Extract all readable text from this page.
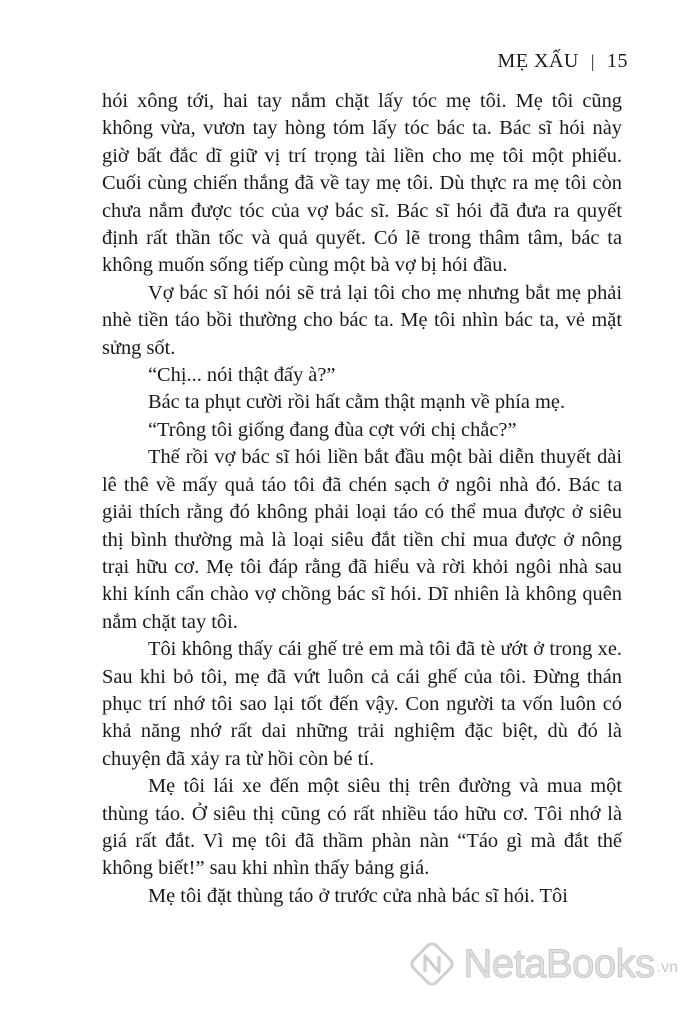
MẸ XẤU | 15

hói xông tới, hai tay nắm chặt lấy tóc mẹ tôi. Mẹ tôi cũng không vừa, vươn tay hòng tóm lấy tóc bác ta. Bác sĩ hói này giờ bất đắc dĩ giữ vị trí trọng tài liền cho mẹ tôi một phiếu. Cuối cùng chiến thắng đã về tay mẹ tôi. Dù thực ra mẹ tôi còn chưa nắm được tóc của vợ bác sĩ. Bác sĩ hói đã đưa ra quyết định rất thần tốc và quả quyết. Có lẽ trong thâm tâm, bác ta không muốn sống tiếp cùng một bà vợ bị hói đầu.

Vợ bác sĩ hói nói sẽ trả lại tôi cho mẹ nhưng bắt mẹ phải nhè tiền táo bồi thường cho bác ta. Mẹ tôi nhìn bác ta, vẻ mặt sửng sốt.

“Chị... nói thật đấy à?”

Bác ta phụt cười rồi hất cằm thật mạnh về phía mẹ.

“Trông tôi giống đang đùa cợt với chị chắc?”

Thế rồi vợ bác sĩ hói liền bắt đầu một bài diễn thuyết dài lê thê về mấy quả táo tôi đã chén sạch ở ngôi nhà đó. Bác ta giải thích rằng đó không phải loại táo có thể mua được ở siêu thị bình thường mà là loại siêu đắt tiền chỉ mua được ở nông trại hữu cơ. Mẹ tôi đáp rằng đã hiểu và rời khỏi ngôi nhà sau khi kính cẩn chào vợ chồng bác sĩ hói. Dĩ nhiên là không quên nắm chặt tay tôi.

Tôi không thấy cái ghế trẻ em mà tôi đã tè ướt ở trong xe. Sau khi bỏ tôi, mẹ đã vứt luôn cả cái ghế của tôi. Đừng thán phục trí nhớ tôi sao lại tốt đến vậy. Con người ta vốn luôn có khả năng nhớ rất dai những trải nghiệm đặc biệt, dù đó là chuyện đã xảy ra từ hồi còn bé tí.

Mẹ tôi lái xe đến một siêu thị trên đường và mua một thùng táo. Ở siêu thị cũng có rất nhiều táo hữu cơ. Tôi nhớ là giá rất đắt. Vì mẹ tôi đã thầm phàn nàn “Táo gì mà đắt thế không biết!” sau khi nhìn thấy bảng giá.

Mẹ tôi đặt thùng táo ở trước cửa nhà bác sĩ hói. Tôi

NetaBooks .vn
